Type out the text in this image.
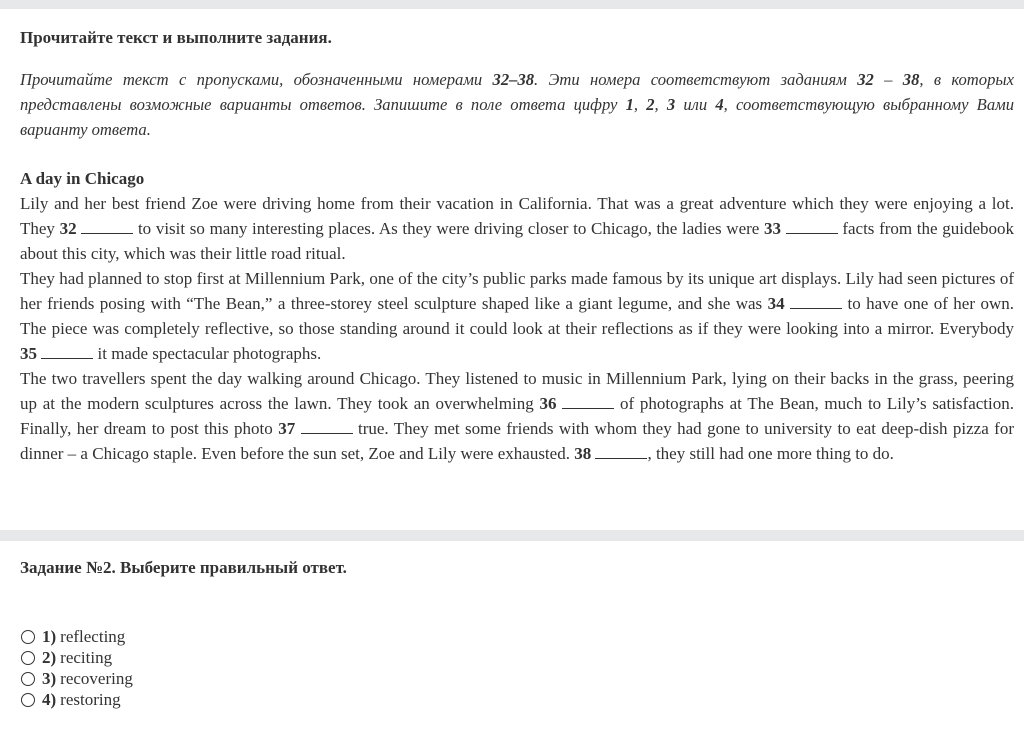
Прочитайте текст и выполните задания.
Прочитайте текст с пропусками, обозначенными номерами 32–38. Эти номера соответствуют заданиям 32 – 38, в которых представлены возможные варианты ответов. Запишите в поле ответа цифру 1, 2, 3 или 4, соответствующую выбранному Вами варианту ответа.
A day in Chicago

Lily and her best friend Zoe were driving home from their vacation in California. That was a great adventure which they were enjoying a lot. They 32	to visit so many interesting places. As they were driving closer to Chicago, the ladies were 33	facts from the guidebook about this city, which was their little road ritual.

They had planned to stop first at Millennium Park, one of the city’s public parks made famous by its unique art displays. Lily had seen pictures of her friends posing with “The Bean,” a three-storey steel sculpture shaped like a giant legume, and she was 34	to have one of her own. The piece was completely reflective, so those standing around it could look at their reflections as if they were looking into a mirror. Everybody 35	it made spectacular photographs.

The two travellers spent the day walking around Chicago. They listened to music in Millennium Park, lying on their backs in the grass, peering up at the modern sculptures across the lawn. They took an overwhelming 36	of photographs at The Bean, much to Lily’s satisfaction. Finally, her dream to post this photo 37	true. They met some friends with whom they had gone to university to eat deep-dish pizza for dinner – a Chicago staple. Even before the sun set, Zoe and Lily were exhausted. 38	, they still had one more thing to do.

Задание №2. Выберите правильный ответ.
1) reflecting
2) reciting
3) recovering
4) restoring
